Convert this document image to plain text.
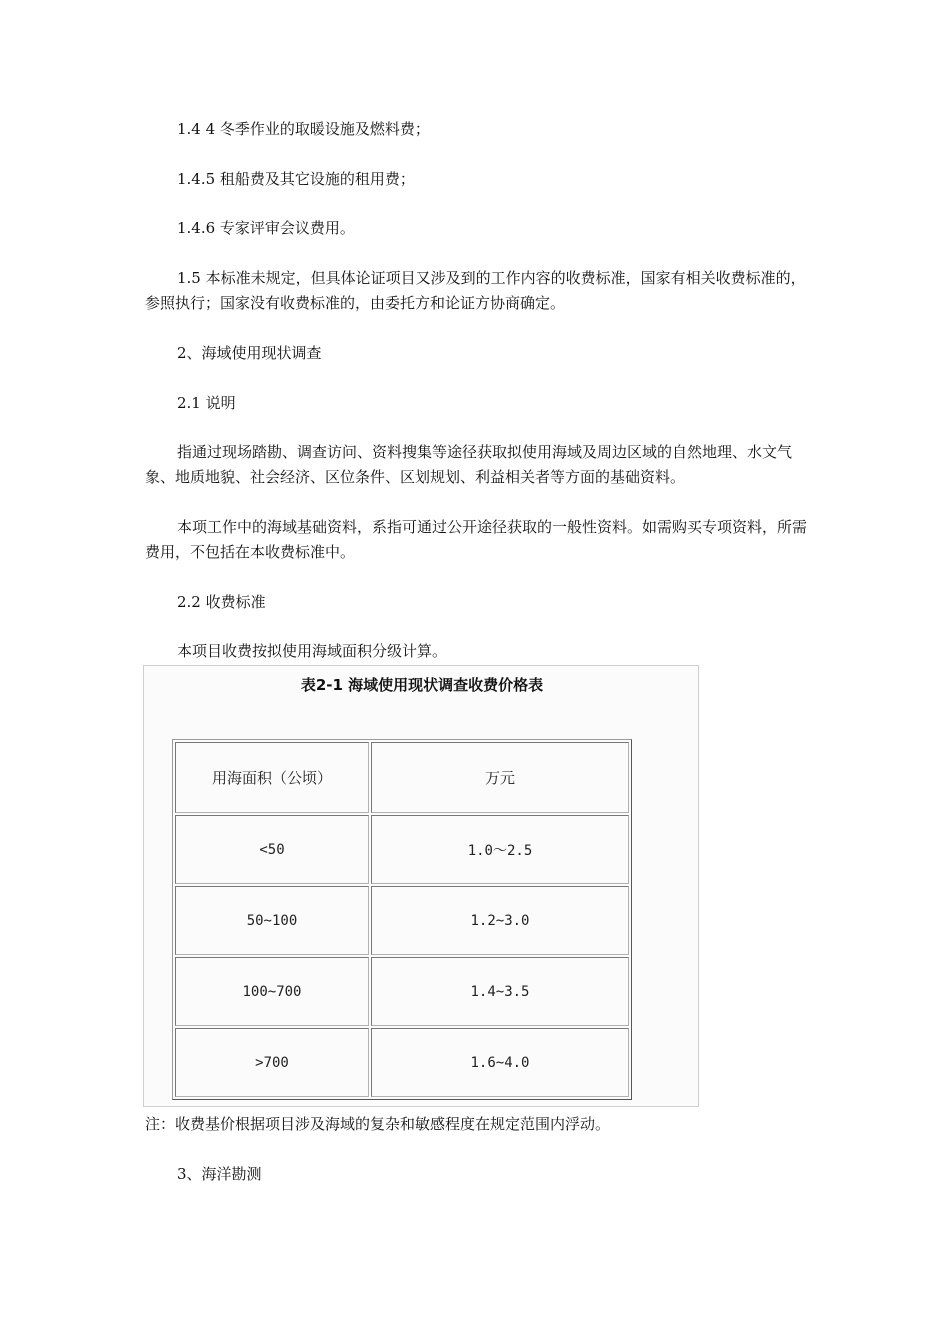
1.4 4 冬季作业的取暖设施及燃料费；

1.4.5 租船费及其它设施的租用费；

1.4.6 专家评审会议费用。

1.5 本标准未规定，但具体论证项目又涉及到的工作内容的收费标准，国家有相关收费标准的，参照执行；国家没有收费标准的，由委托方和论证方协商确定。

2、海域使用现状调查

2.1 说明

指通过现场踏勘、调查访问、资料搜集等途径获取拟使用海域及周边区域的自然地理、水文气象、地质地貌、社会经济、区位条件、区划规划、利益相关者等方面的基础资料。

本项工作中的海域基础资料，系指可通过公开途径获取的一般性资料。如需购买专项资料，所需费用，不包括在本收费标准中。

2.2 收费标准

本项目收费按拟使用海域面积分级计算。

表2-1 海域使用现状调查收费价格表
用海面积（公顷）	万元
<50	1.0～2.5
50~100	1.2~3.0
100~700	1.4~3.5
>700	1.6~4.0
注：收费基价根据项目涉及海域的复杂和敏感程度在规定范围内浮动。

3、海洋勘测
